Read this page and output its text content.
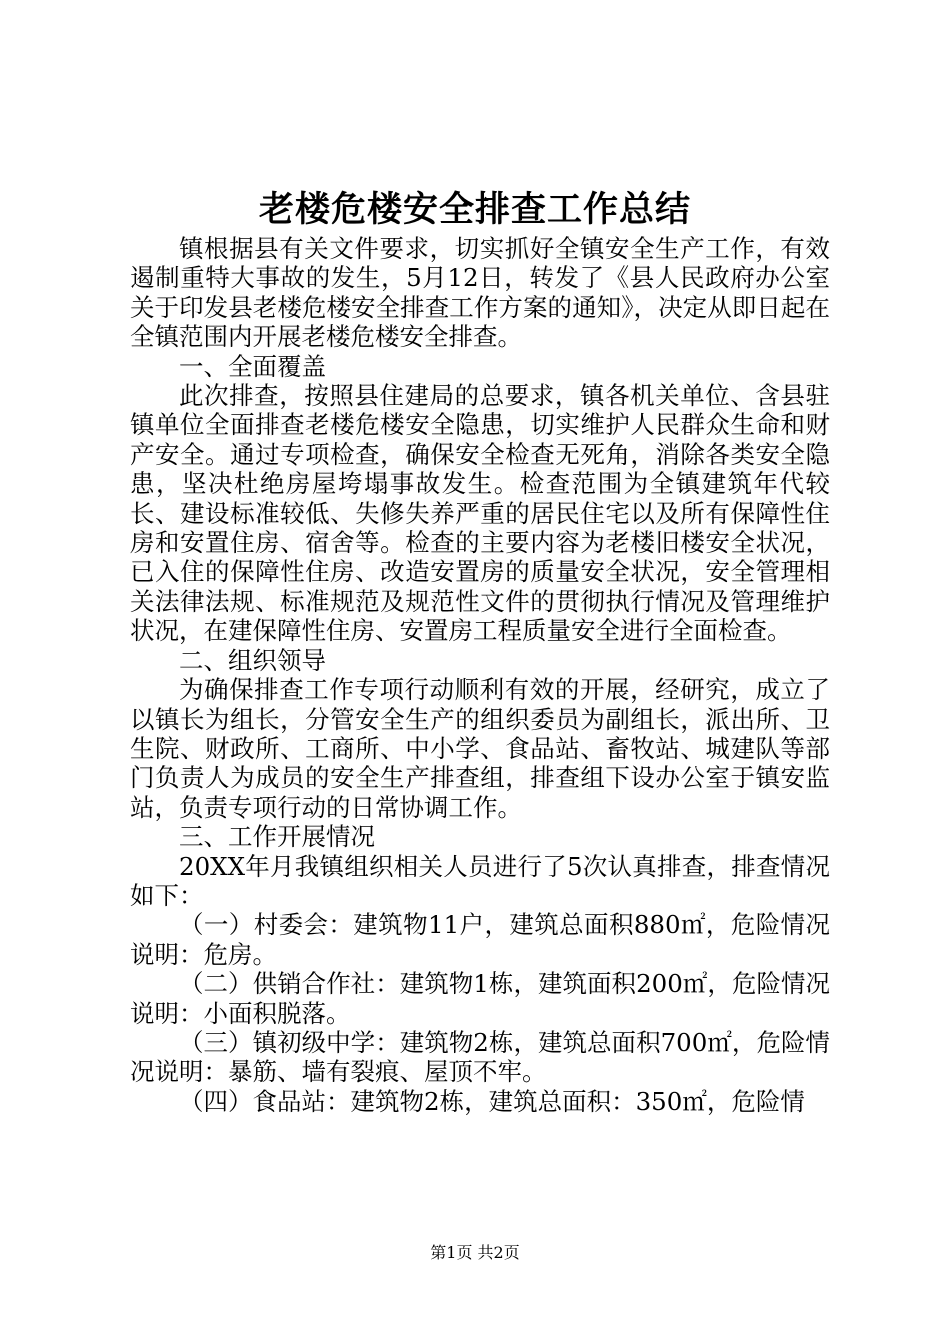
老楼危楼安全排查工作总结

镇根据县有关文件要求，切实抓好全镇安全生产工作，有效遏制重特大事故的发生，5月12日，转发了《县人民政府办公室关于印发县老楼危楼安全排查工作方案的通知》，决定从即日起在全镇范围内开展老楼危楼安全排查。

一、全面覆盖

此次排查，按照县住建局的总要求，镇各机关单位、含县驻镇单位全面排查老楼危楼安全隐患，切实维护人民群众生命和财产安全。通过专项检查，确保安全检查无死角，消除各类安全隐患，坚决杜绝房屋垮塌事故发生。检查范围为全镇建筑年代较长、建设标准较低、失修失养严重的居民住宅以及所有保障性住房和安置住房、宿舍等。检查的主要内容为老楼旧楼安全状况，已入住的保障性住房、改造安置房的质量安全状况，安全管理相关法律法规、标准规范及规范性文件的贯彻执行情况及管理维护状况，在建保障性住房、安置房工程质量安全进行全面检查。

二、组织领导

为确保排查工作专项行动顺利有效的开展，经研究，成立了以镇长为组长，分管安全生产的组织委员为副组长，派出所、卫生院、财政所、工商所、中小学、食品站、畜牧站、城建队等部门负责人为成员的安全生产排查组，排查组下设办公室于镇安监站，负责专项行动的日常协调工作。

三、工作开展情况

20XX年月我镇组织相关人员进行了5次认真排查，排查情况如下：

（一）村委会：建筑物11户，建筑总面积880㎡，危险情况说明：危房。

（二）供销合作社：建筑物1栋，建筑面积200㎡，危险情况说明：小面积脱落。

（三）镇初级中学：建筑物2栋，建筑总面积700㎡，危险情况说明：暴筋、墙有裂痕、屋顶不牢。

（四）食品站：建筑物2栋，建筑总面积：350㎡，危险情

第1页 共2页
